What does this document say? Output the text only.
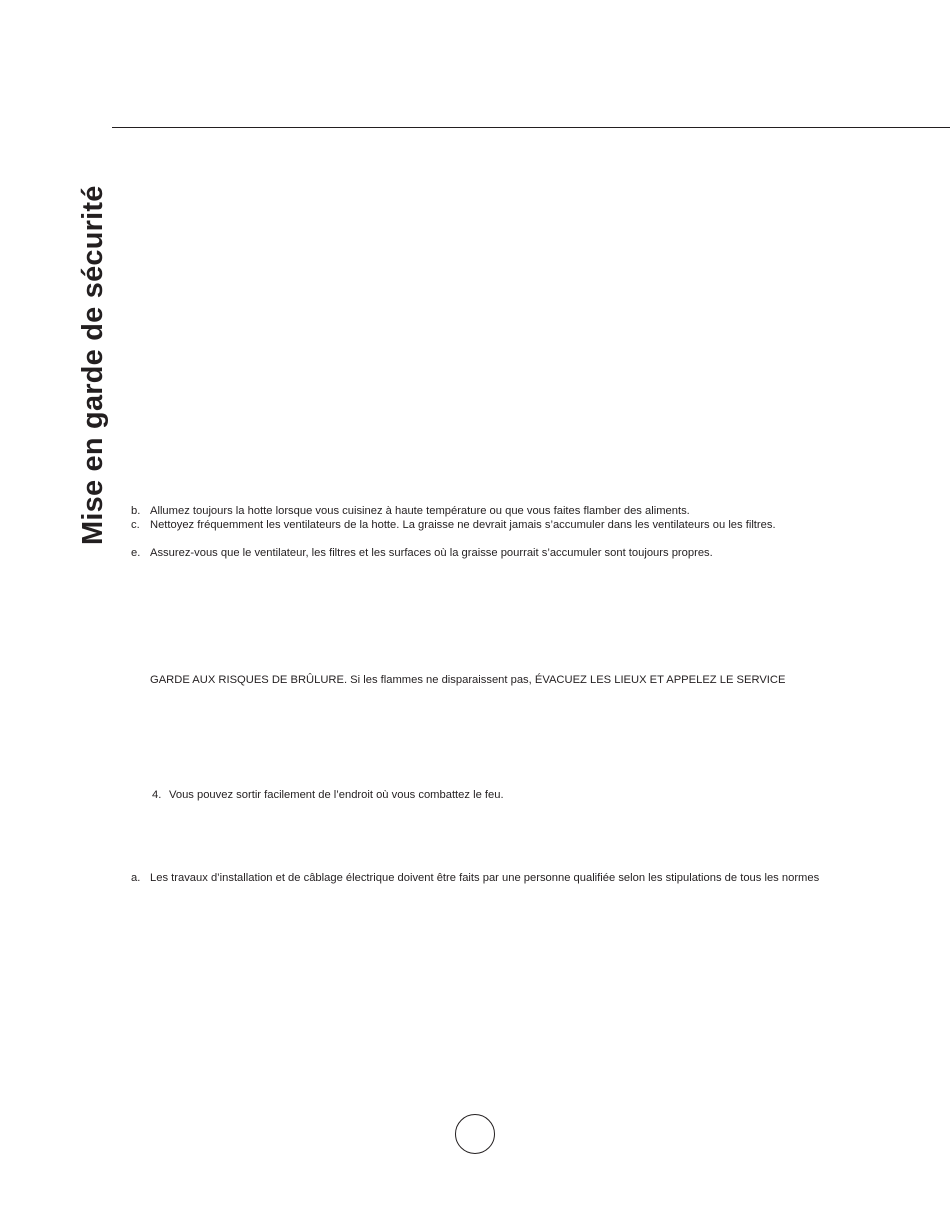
Mise en garde de sécurité b. Allumez toujours la hotte lorsque vous cuisinez à haute température ou que vous faites flamber des aliments.
c. Nettoyez fréquemment les ventilateurs de la hotte. La graisse ne devrait jamais s’accumuler dans les ventilateurs ou les filtres.
e. Assurez-vous que le ventilateur, les filtres et les surfaces où la graisse pourrait s’accumuler sont toujours propres.
GARDE AUX RISQUES DE BRÛLURE. Si les flammes ne disparaissent pas, ÉVACUEZ LES LIEUX ET APPELEZ LE SERVICE
4. Vous pouvez sortir facilement de l’endroit où vous combattez le feu.
a. Les travaux d’installation et de câblage électrique doivent être faits par une personne qualifiée selon les stipulations de tous les normes
